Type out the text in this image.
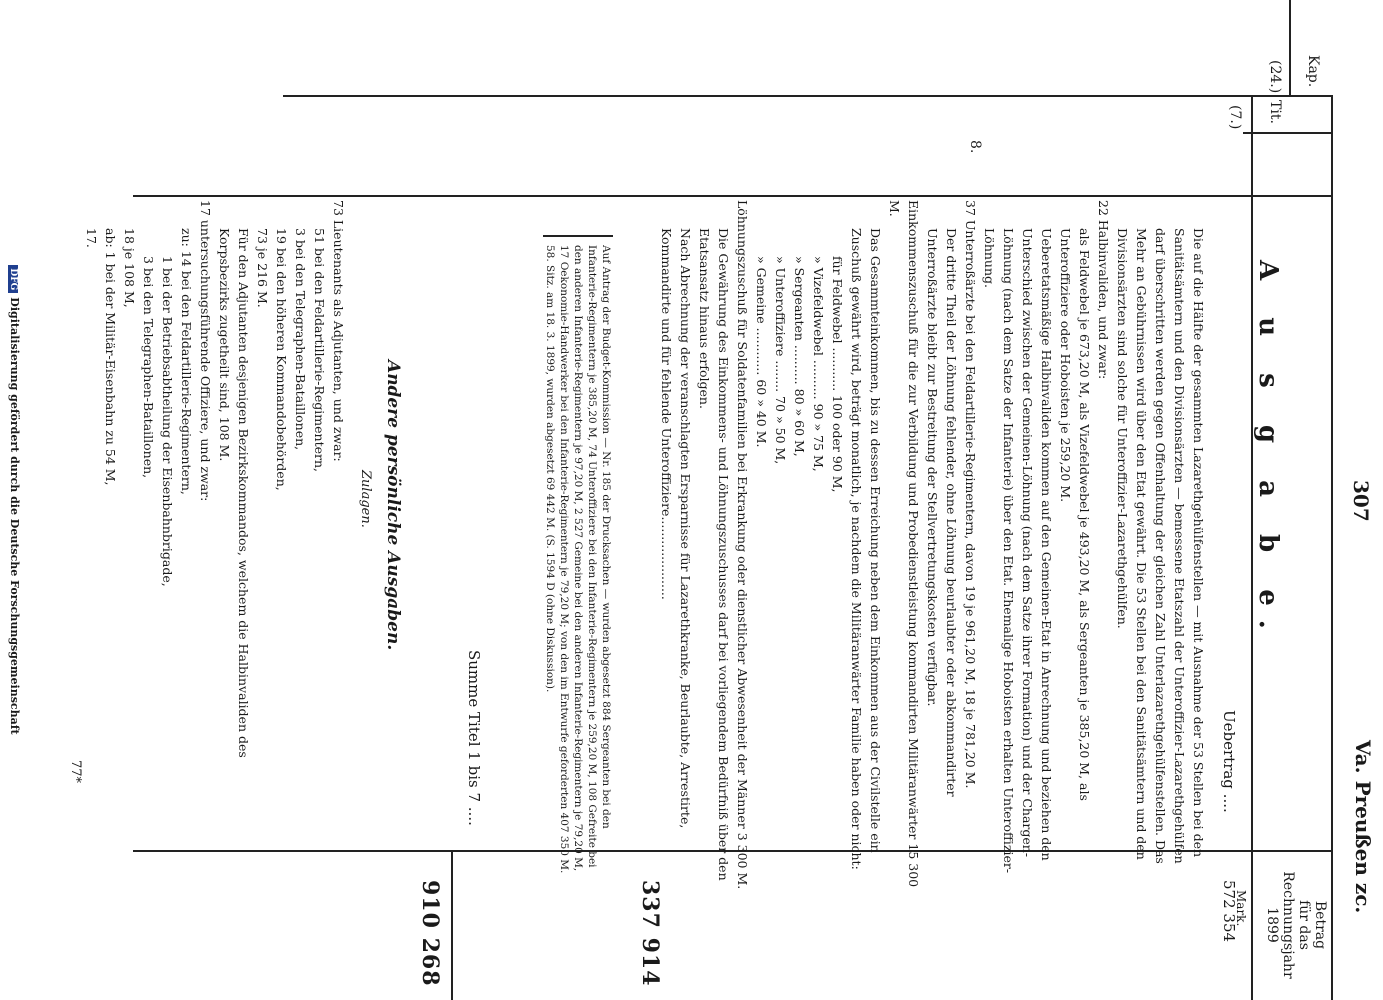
307
Va. Preußen zc.
Kap.
Tit.
Betrag
für das
Rechnungsjahr
1899
Mark.
(24.)
(7.)
8.
A u s g a b e.
Uebertrag ....
572 354

Die auf die Hälfte der gesammten Lazarethgehülfenstellen — mit Ausnahme der 53 Stellen bei den Sanitätsämtern und den Divisionsärzten — bemessene Etatszahl der Unteroffizier-Lazarethgehülfen darf überschritten werden gegen Offenhaltung der gleichen Zahl Unterlazarethgehülfenstellen. Das Mehr an Gebührnissen wird über den Etat gewährt. Die 53 Stellen bei den Sanitätsämtern und den Divisionsärzten sind solche für Unteroffizier-Lazarethgehülfen.

22 Halbinvaliden, und zwar:

als Feldwebel je 673,20 M, als Vizefeldwebel je 493,20 M, als Sergeanten je 385,20 M, als Unteroffiziere oder Hoboisten je 259,20 M.

Ueberetatsmäßige Halbinvaliden kommen auf den Gemeinen-Etat in Anrechnung und beziehen den Unterschied zwischen der Gemeinen-Löhnung (nach dem Satze ihrer Formation) und der Chargen-Löhnung (nach dem Satze der Infanterie) über den Etat. Ehemalige Hoboisten erhalten Unteroffizier-Löhnung.

37 Unterroßärzte bei den Feldartillerie-Regimentern, davon 19 je 961,20 M, 18 je 781,20 M.

Der dritte Theil der Löhnung fehlender, ohne Löhnung beurlaubter oder abkommandirter Unterroßärzte bleibt zur Bestreitung der Stellvertretungskosten verfügbar.

Einkommenszuschuß für die zur Verbildung und Probedienstleistung kommandirten Militäranwärter 15 300 M.

Das Gesammteinkommen, bis zu dessen Erreichung neben dem Einkommen aus der Civilstelle ein Zuschuß gewährt wird, beträgt monatlich, je nachdem die Militäranwärter Familie haben oder nicht:

für Feldwebel ........... 100 oder 90 M,
» Vizefeldwebel .......... 90 » 75 M,
» Sergeanten .......... 80 » 60 M,
» Unteroffiziere ........ 70 » 50 M,
» Gemeine ............ 60 » 40 M.

Löhnungszuschuß für Soldatenfamilien bei Erkrankung oder dienstlicher Abwesenheit der Männer 3 300 M.

Die Gewährung des Einkommens- und Löhnungszuschusses darf bei vorliegendem Bedürfniß über den Etatsansatz hinaus erfolgen.

Nach Abrechnung der veranschlagten Ersparnisse für Lazarethkranke, Beurlaubte, Arrestirte, Kommandirte und für fehlende Unteroffiziere.....................

337 914
Auf Antrag der Budget-Kommission — Nr. 185 der Drucksachen — wurden abgesetzt 884 Sergeanten bei den Infanterie-Regimentern je 385,20 M, 74 Unteroffiziere bei den Infanterie-Regimentern je 259,20 M, 108 Gefreite bei den anderen Infanterie-Regimentern je 97,20 M, 2 527 Gemeine bei den anderen Infanterie-Regimentern je 79,20 M, 17 Oekonomie-Handwerker bei den Infanterie-Regimentern je 79,20 M; von den im Entwurfe geforderten 407 350 M. 58. Sitz. am 18. 3. 1899, wurden abgesetzt 69 442 M. (S. 1594 D (ohne Diskussion).
Summe Titel 1 bis 7 ....
910 268
Andere persönliche Ausgaben.
Zulagen.

73 Lieutenants als Adjutanten, und zwar:

51 bei den Feldartillerie-Regimentern,

3 bei den Telegraphen-Bataillonen,

19 bei den höheren Kommandobehörden,

73 je 216 M.

Für den Adjutanten desjenigen Bezirkskommandos, welchem die Halbinvaliden des Korpsbezirks zugetheilt sind, 108 M.

17 untersuchungsführende Offiziere, und zwar:

zu: 14 bei den Feldartillerie-Regimentern,

1 bei der Betriebsabtheilung der Eisenbahnbrigade,

3 bei den Telegraphen-Bataillonen,

18 je 108 M,

ab: 1 bei der Militär-Eisenbahn zu 54 M,

17.

77*
DFGDigitalisierung gefördert durch die Deutsche Forschungsgemeinschaft
